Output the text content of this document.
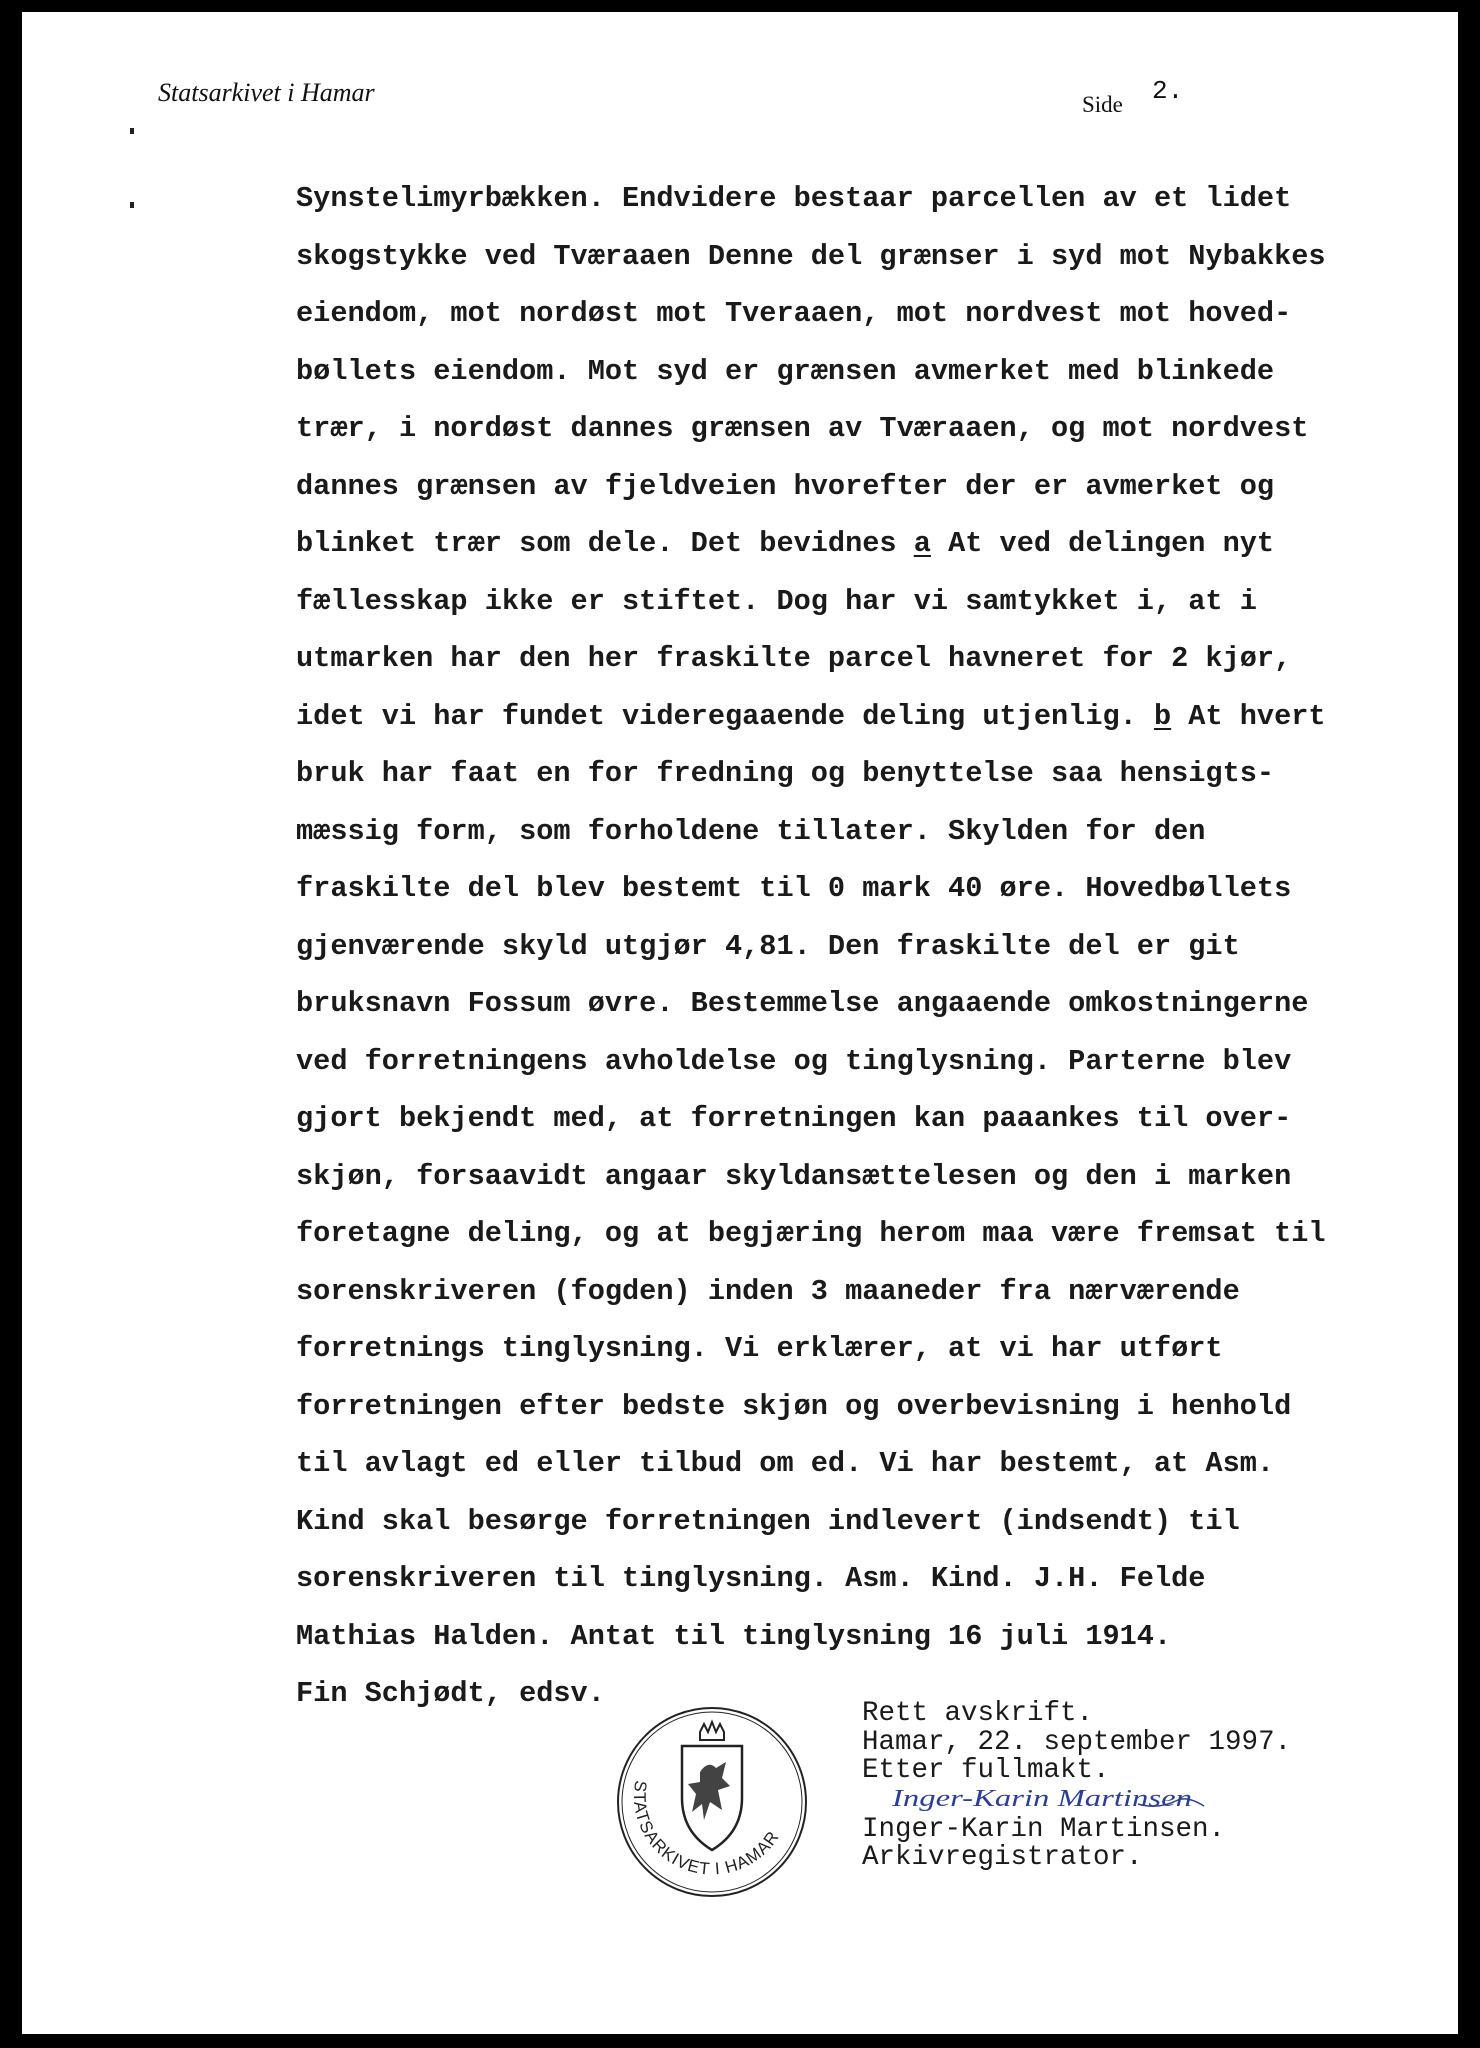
Statsarkivet i Hamar	Side 2.
Synstelimyrbækken. Endvidere bestaar parcellen av et lidet
skogstykke ved Tværaaen Denne del grænser i syd mot Nybakkes
eiendom, mot nordøst mot Tveraaen, mot nordvest mot hoved-
bøllets eiendom. Mot syd er grænsen avmerket med blinkede
trær, i nordøst dannes grænsen av Tværaaen, og mot nordvest
dannes grænsen av fjeldveien hvorefter der er avmerket og
blinket trær som dele. Det bevidnes a At ved delingen nyt
fællesskap ikke er stiftet. Dog har vi samtykket i, at i
utmarken har den her fraskilte parcel havneret for 2 kjør,
idet vi har fundet videregaaende deling utjenlig. b At hvert
bruk har faat en for fredning og benyttelse saa hensigts-
mæssig form, som forholdene tillater. Skylden for den
fraskilte del blev bestemt til 0 mark 40 øre. Hovedbøllets
gjenværende skyld utgjør 4,81. Den fraskilte del er git
bruksnavn Fossum øvre. Bestemmelse angaaende omkostningerne
ved forretningens avholdelse og tinglysning. Parterne blev
gjort bekjendt med, at forretningen kan paaankes til over-
skjøn, forsaavidt angaar skyldansættelesen og den i marken
foretagne deling, og at begjæring herom maa være fremsat til
sorenskriveren (fogden) inden 3 maaneder fra nærværende
forretnings tinglysning. Vi erklærer, at vi har utført
forretningen efter bedste skjøn og overbevisning i henhold
til avlagt ed eller tilbud om ed. Vi har bestemt, at Asm.
Kind skal besørge forretningen indlevert (indsendt) til
sorenskriveren til tinglysning. Asm. Kind. J.H. Felde
Mathias Halden. Antat til tinglysning 16 juli 1914.
Fin Schjødt, edsv.
STATSARKIVET I HAMAR
Inger-Karin Martinsen
Rett avskrift.
Hamar, 22. september 1997.
Etter fullmakt.
Inger-Karin Martinsen.
Arkivregistrator.
